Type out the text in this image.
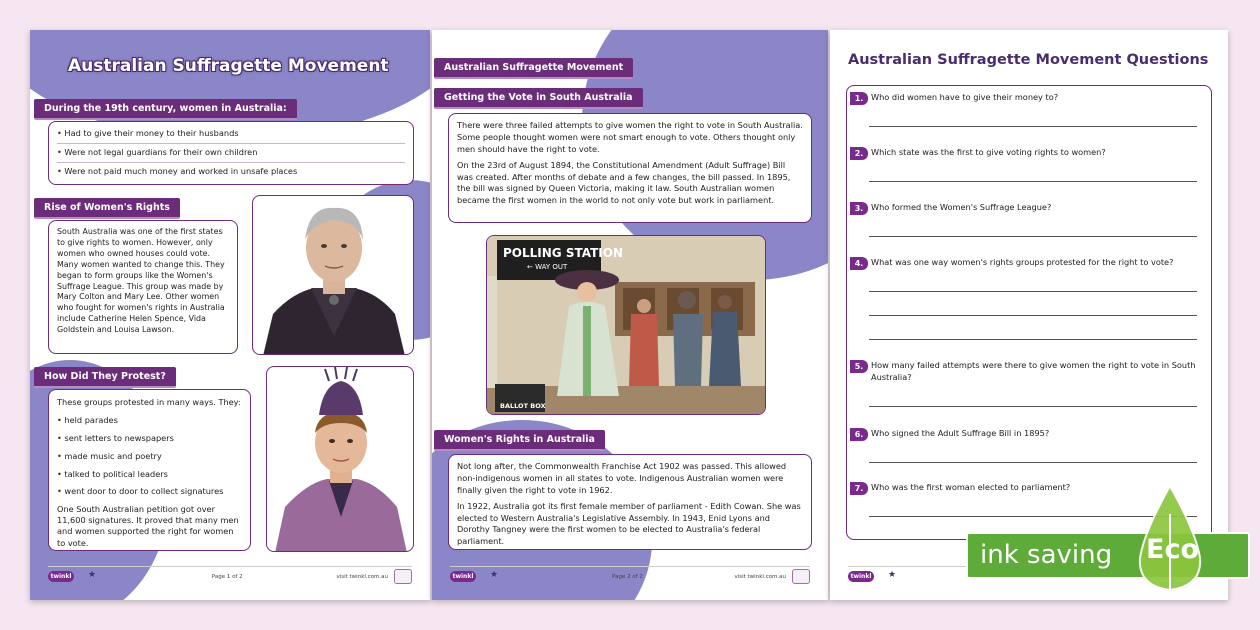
Australian Suffragette Movement
During the 19th century, women in Australia:
• Had to give their money to their husbands
• Were not legal guardians for their own children
• Were not paid much money and worked in unsafe places
Rise of Women's Rights

South Australia was one of the first states to give rights to women. However, only women who owned houses could vote. Many women wanted to change this. They began to form groups like the Women's Suffrage League. This group was made by Mary Colton and Mary Lee. Other women who fought for women's rights in Australia include Catherine Helen Spence, Vida Goldstein and Louisa Lawson.

How Did They Protest?
These groups protested in many ways. They:
• held parades
• sent letters to newspapers
• made music and poetry
• talked to political leaders
• went door to door to collect signatures
One South Australian petition got over 11,600 signatures. It proved that many men and women supported the right for women to vote.
twinkl ★	Page 1 of 2	visit twinkl.com.au
Australian Suffragette Movement
Getting the Vote in South Australia

There were three failed attempts to give women the right to vote in South Australia. Some people thought women were not smart enough to vote. Others thought only men should have the right to vote.

On the 23rd of August 1894, the Constitutional Amendment (Adult Suffrage) Bill was created. After months of debate and a few changes, the bill passed. In 1895, the bill was signed by Queen Victoria, making it law. South Australian women became the first women in the world to not only vote but work in parliament.

POLLING STATION
← WAY OUT
BALLOT BOX
Women's Rights in Australia

Not long after, the Commonwealth Franchise Act 1902 was passed. This allowed non-indigenous women in all states to vote. Indigenous Australian women were finally given the right to vote in 1962.

In 1922, Australia got its first female member of parliament - Edith Cowan. She was elected to Western Australia's Legislative Assembly. In 1943, Enid Lyons and Dorothy Tangney were the first women to be elected to Australia's federal parliament.

twinkl ★	Page 2 of 2	visit twinkl.com.au
Australian Suffragette Movement Questions
1. Who did women have to give their money to?
2. Which state was the first to give voting rights to women?
3. Who formed the Women's Suffrage League?
4. What was one way women's rights groups protested for the right to vote?
5. How many failed attempts were there to give women the right to vote in South Australia?
6. Who signed the Adult Suffrage Bill in 1895?
7. Who was the first woman elected to parliament?
twinkl ★
ink saving Eco
